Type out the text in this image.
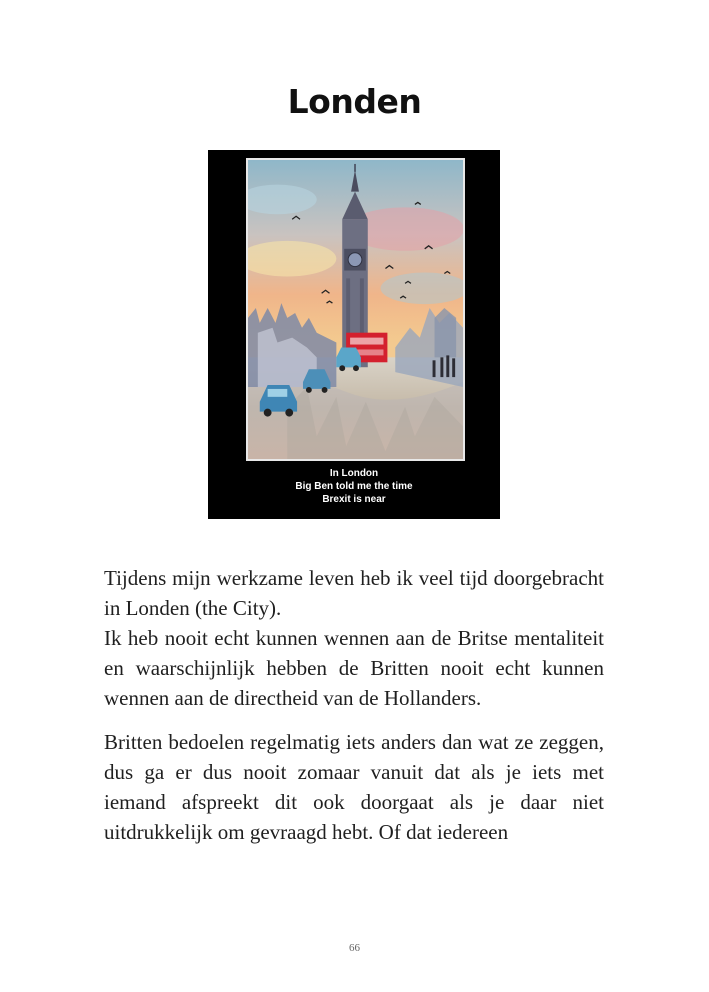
Londen
In London
Big Ben told me the time
Brexit is near

Tijdens mijn werkzame leven heb ik veel tijd doorgebracht in Londen (the City).

Ik heb nooit echt kunnen wennen aan de Britse mentaliteit en waarschijnlijk hebben de Britten nooit echt kunnen wennen aan de directheid van de Hollanders.

Britten bedoelen regelmatig iets anders dan wat ze zeggen, dus ga er dus nooit zomaar vanuit dat als je iets met iemand afspreekt dit ook doorgaat als je daar niet uitdrukkelijk om gevraagd hebt. Of dat iedereen

66
